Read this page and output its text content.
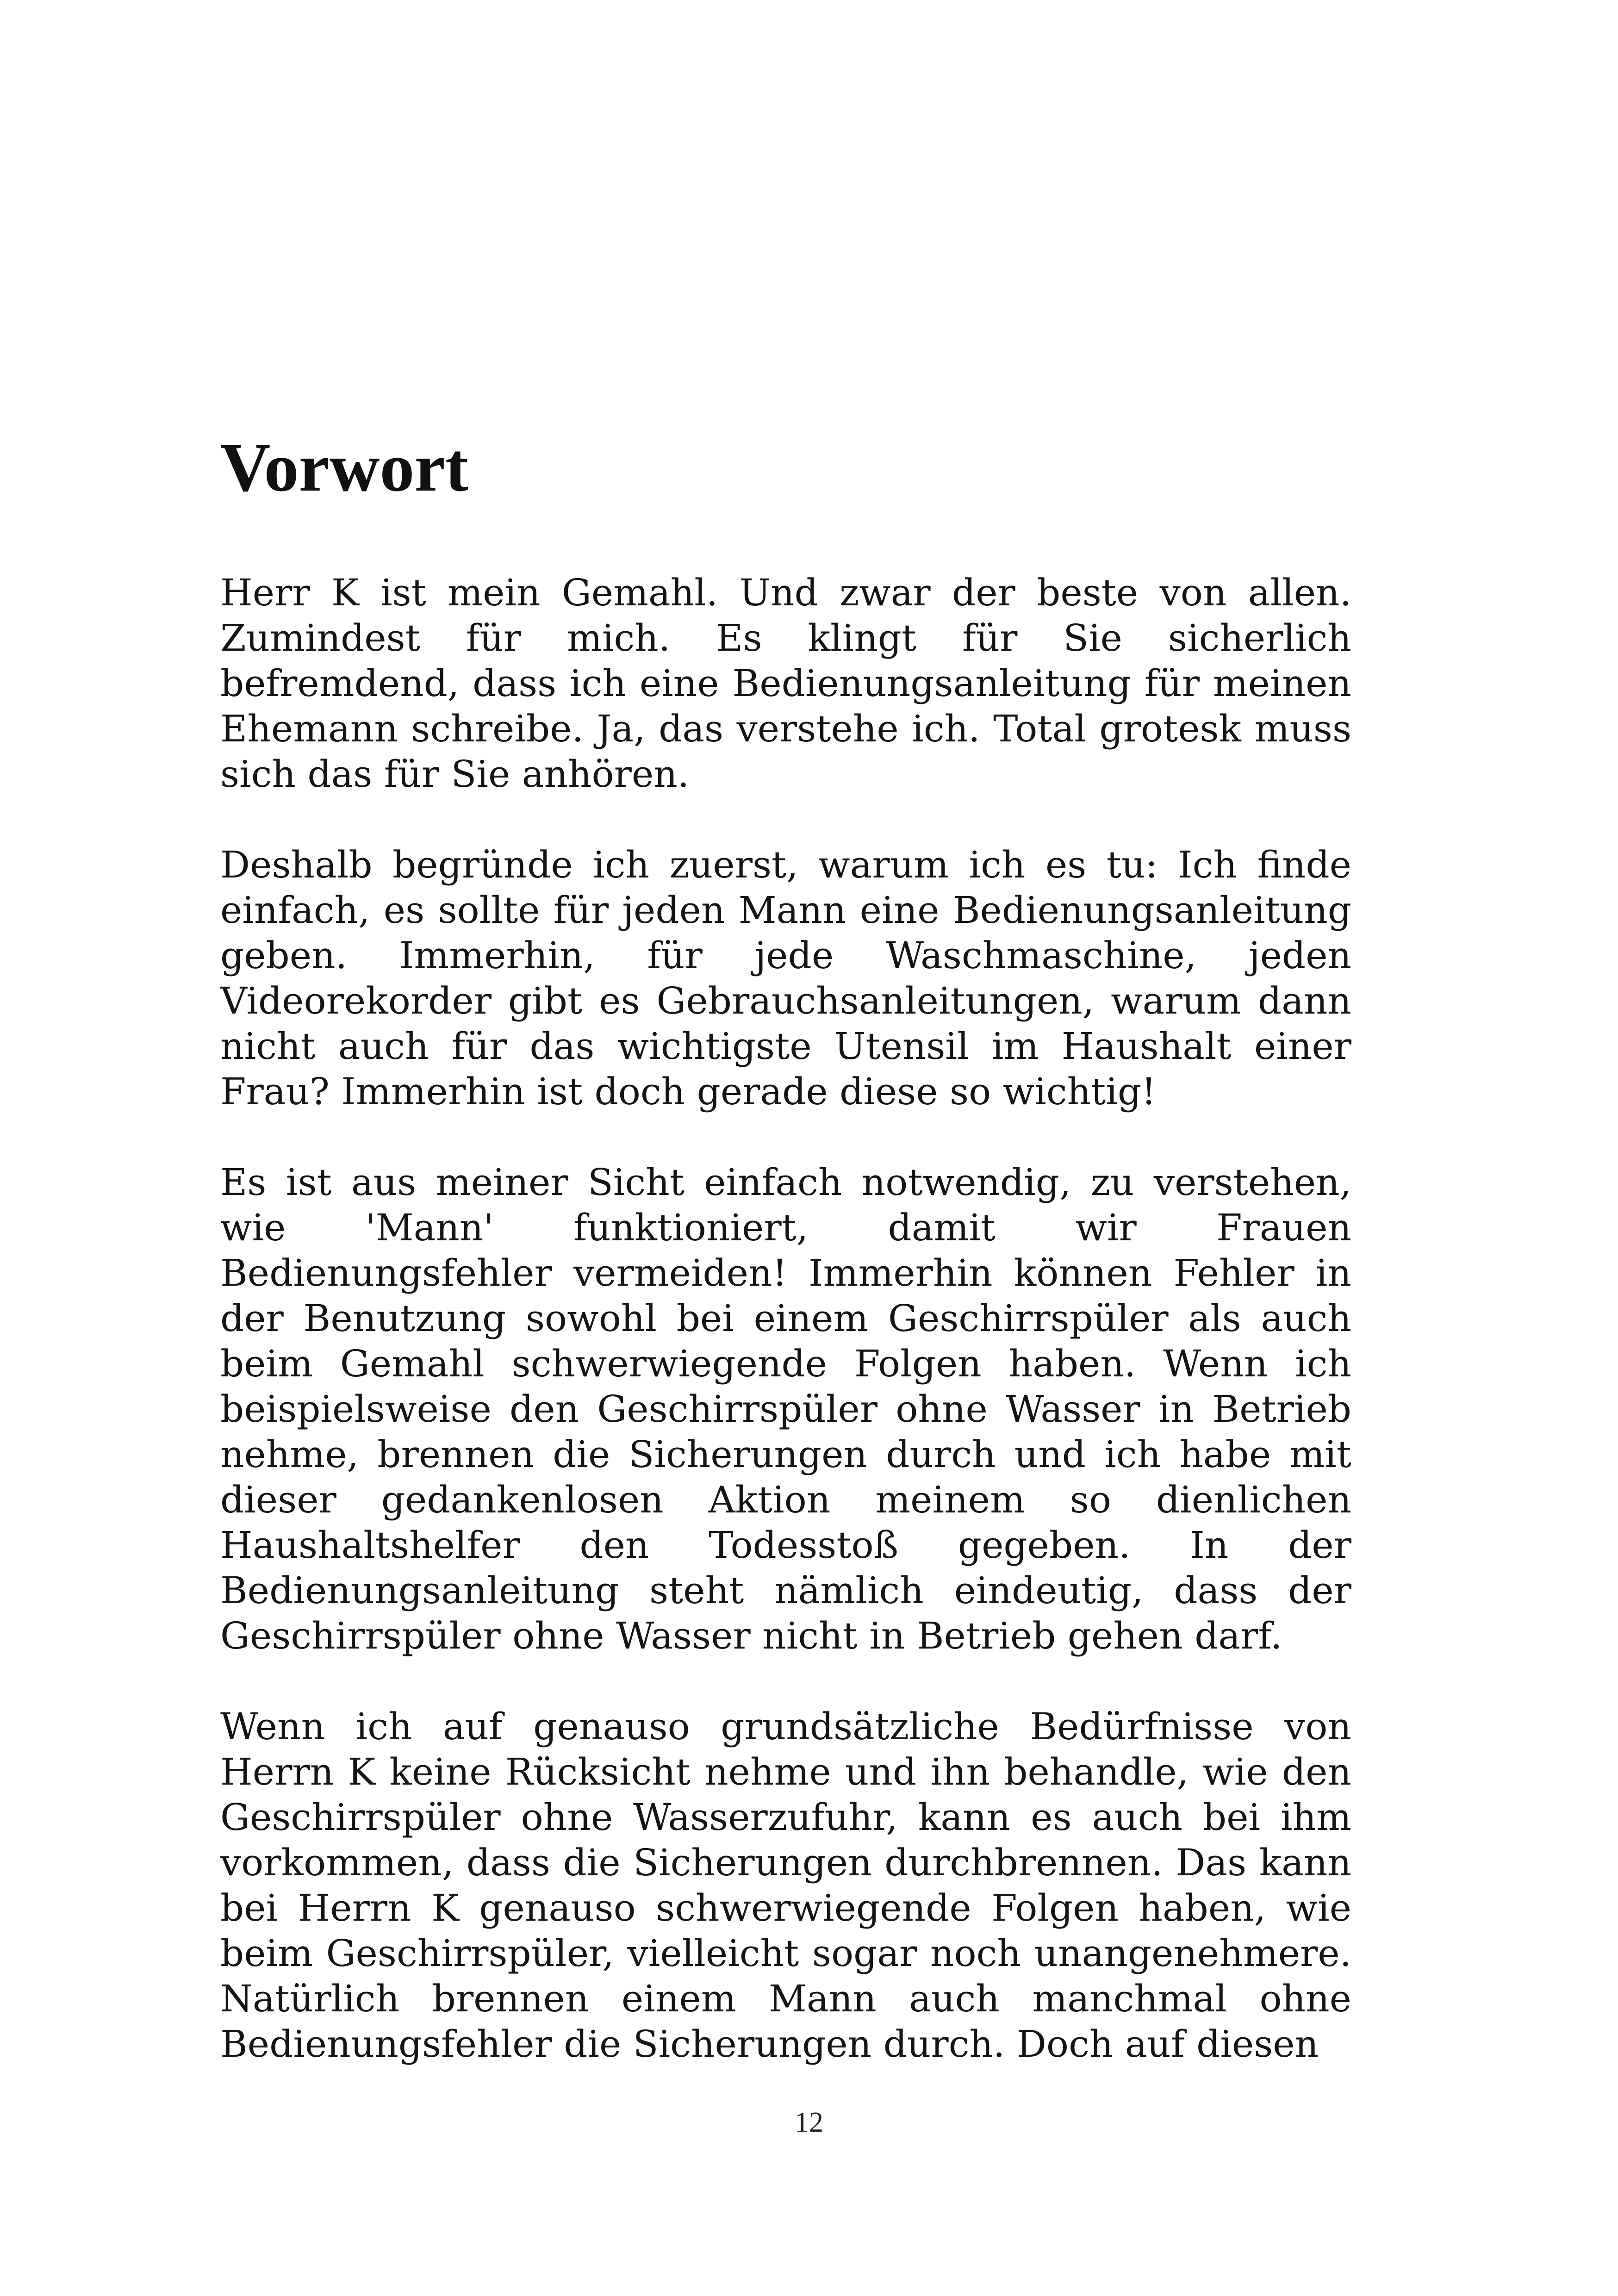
Vorwort

Herr K ist mein Gemahl. Und zwar der beste von allen. Zumindest für mich. Es klingt für Sie sicherlich befremdend, dass ich eine Bedienungsanleitung für meinen Ehemann schreibe. Ja, das verstehe ich. Total grotesk muss sich das für Sie anhören.

Deshalb begründe ich zuerst, warum ich es tu: Ich finde einfach, es sollte für jeden Mann eine Bedienungsanleitung geben. Immerhin, für jede Waschmaschine, jeden Videorekorder gibt es Gebrauchsanleitungen, warum dann nicht auch für das wichtigste Utensil im Haushalt einer Frau? Immerhin ist doch gerade diese so wichtig!

Es ist aus meiner Sicht einfach notwendig, zu verstehen, wie 'Mann' funktioniert, damit wir Frauen Bedienungsfehler vermeiden! Immerhin können Fehler in der Benutzung sowohl bei einem Geschirrspüler als auch beim Gemahl schwerwiegende Folgen haben. Wenn ich beispielsweise den Geschirrspüler ohne Wasser in Betrieb nehme, brennen die Sicherungen durch und ich habe mit dieser gedankenlosen Aktion meinem so dienlichen Haushaltshelfer den Todesstoß gegeben. In der Bedienungsanleitung steht nämlich eindeutig, dass der Geschirrspüler ohne Wasser nicht in Betrieb gehen darf.

Wenn ich auf genauso grundsätzliche Bedürfnisse von Herrn K keine Rücksicht nehme und ihn behandle, wie den Geschirrspüler ohne Wasserzufuhr, kann es auch bei ihm vorkommen, dass die Sicherungen durchbrennen. Das kann bei Herrn K genauso schwerwiegende Folgen haben, wie beim Geschirrspüler, vielleicht sogar noch unangenehmere. Natürlich brennen einem Mann auch manchmal ohne Bedienungsfehler die Sicherungen durch. Doch auf diesen

12
